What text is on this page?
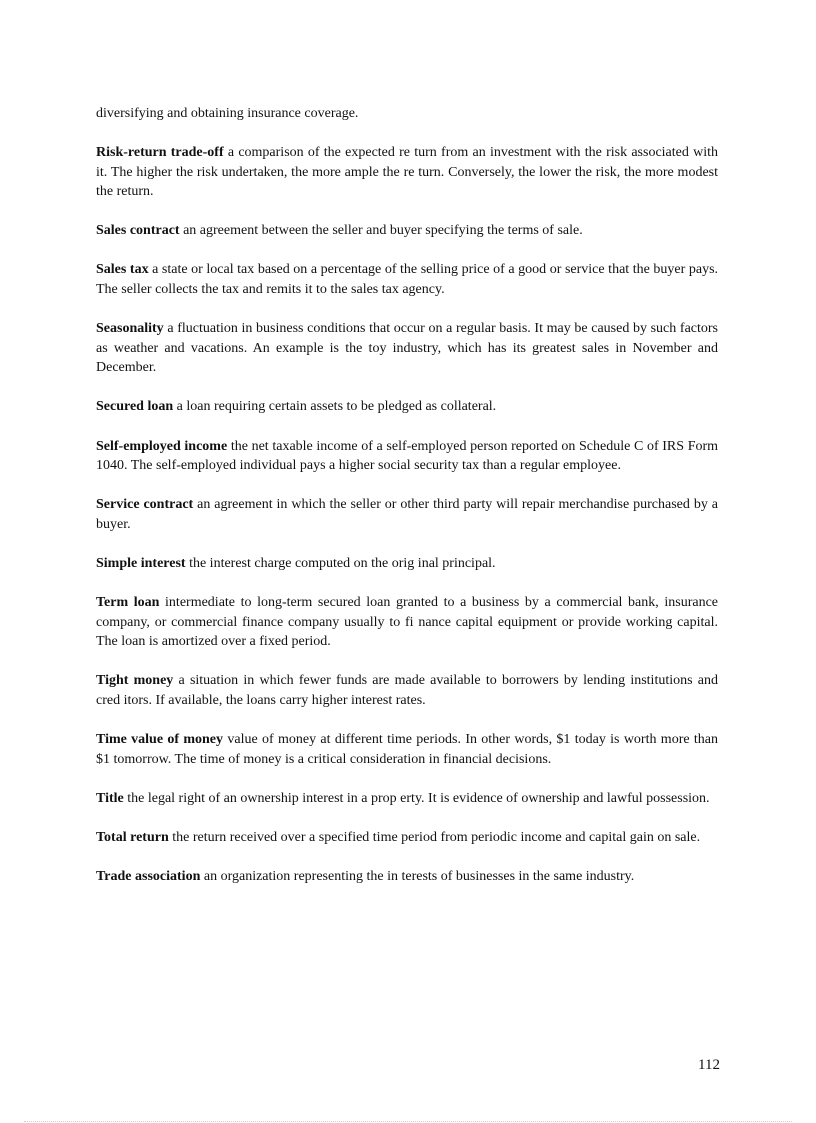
diversifying and obtaining insurance coverage.

Risk-return trade-off a comparison of the expected re turn from an investment with the risk associated with it. The higher the risk undertaken, the more ample the re turn. Conversely, the lower the risk, the more modest the return.

Sales contract an agreement between the seller and buyer specifying the terms of sale.

Sales tax a state or local tax based on a percentage of the selling price of a good or service that the buyer pays. The seller collects the tax and remits it to the sales tax agency.

Seasonality a fluctuation in business conditions that occur on a regular basis. It may be caused by such factors as weather and vacations. An example is the toy industry, which has its greatest sales in November and December.

Secured loan a loan requiring certain assets to be pledged as collateral.

Self-employed income the net taxable income of a self-employed person reported on Schedule C of IRS Form 1040. The self-employed individual pays a higher social security tax than a regular employee.

Service contract an agreement in which the seller or other third party will repair merchandise purchased by a buyer.

Simple interest the interest charge computed on the orig inal principal.

Term loan intermediate to long-term secured loan granted to a business by a commercial bank, insurance company, or commercial finance company usually to fi nance capital equipment or provide working capital. The loan is amortized over a fixed period.

Tight money a situation in which fewer funds are made available to borrowers by lending institutions and cred itors. If available, the loans carry higher interest rates.

Time value of money value of money at different time periods. In other words, $1 today is worth more than $1 tomorrow. The time of money is a critical consideration in financial decisions.

Title the legal right of an ownership interest in a prop erty. It is evidence of ownership and lawful possession.

Total return the return received over a specified time period from periodic income and capital gain on sale.

Trade association an organization representing the in terests of businesses in the same industry.

112
